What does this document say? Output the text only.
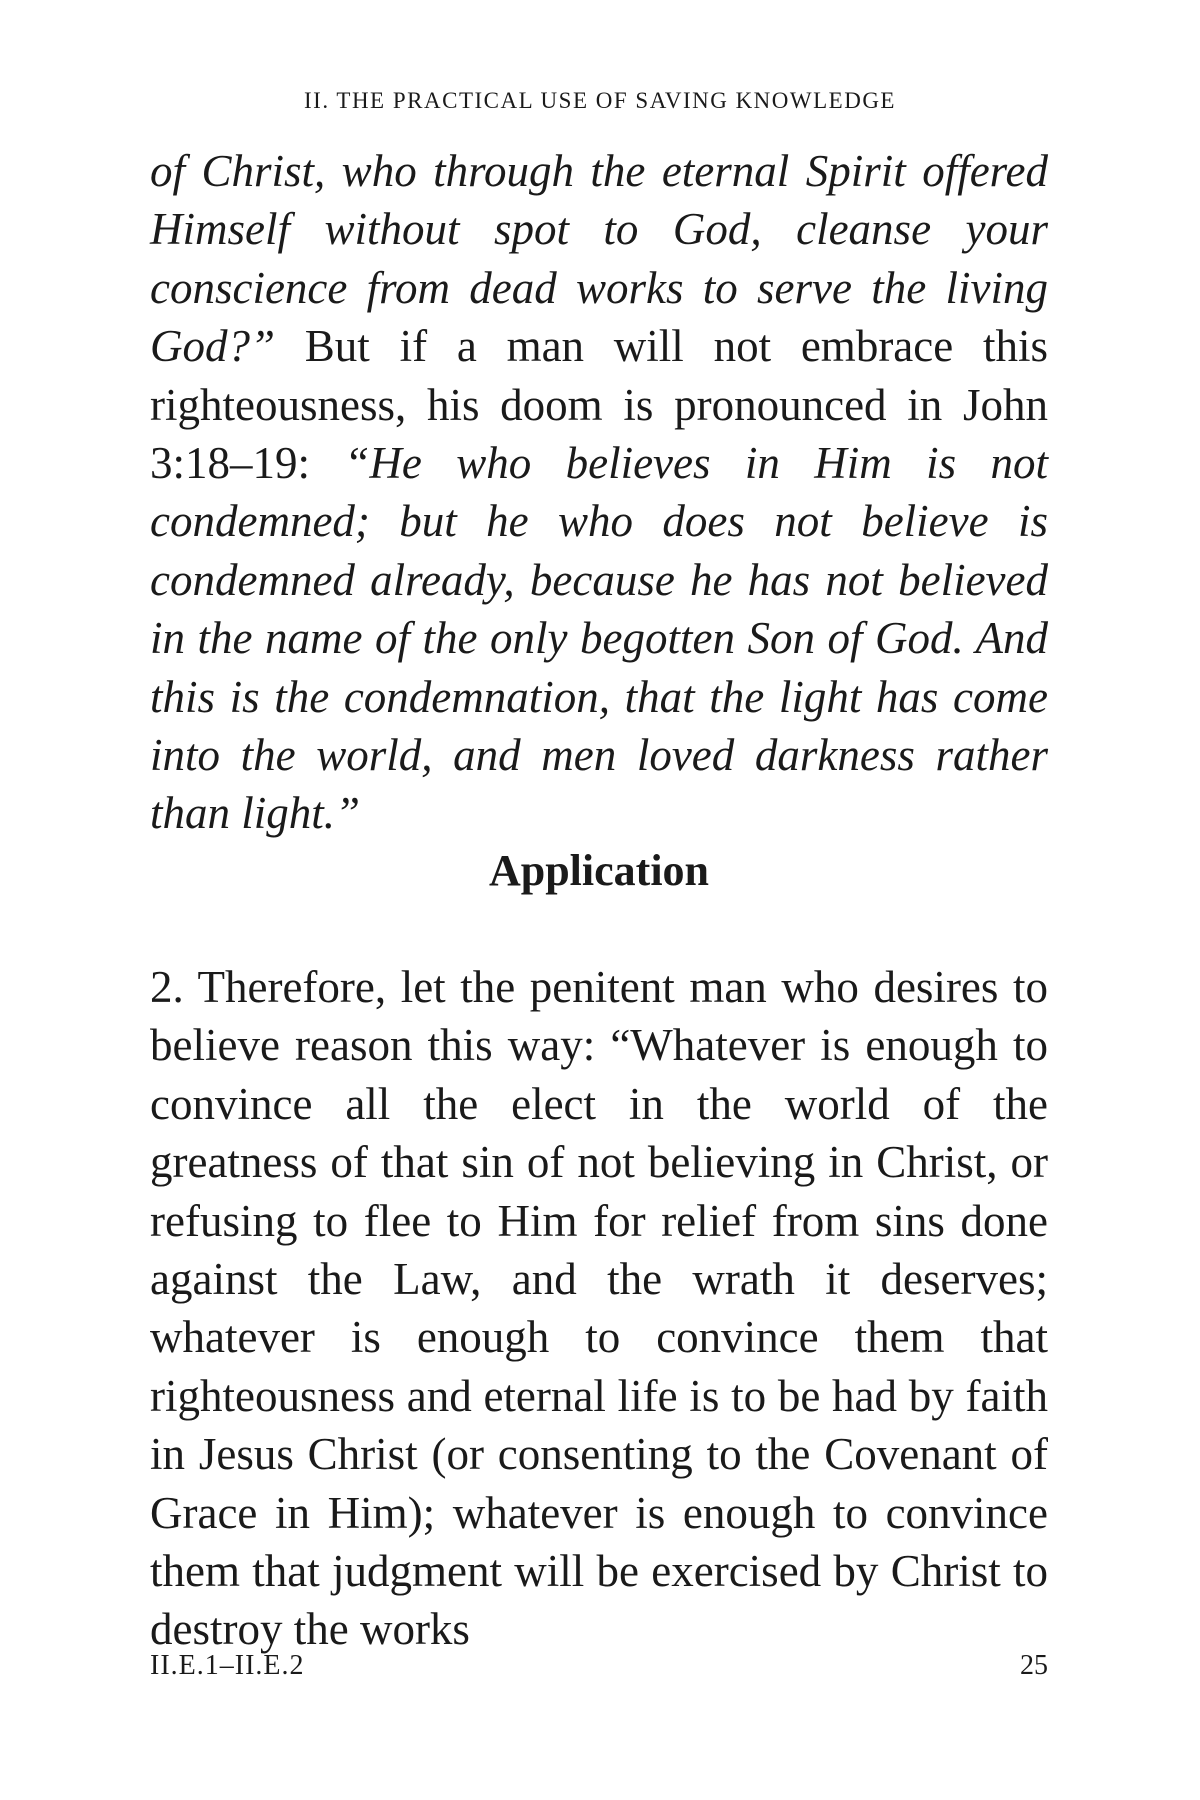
II. THE PRACTICAL USE OF SAVING KNOWLEDGE
of Christ, who through the eternal Spirit offered Himself without spot to God, cleanse your conscience from dead works to serve the living God?” But if a man will not embrace this righteousness, his doom is pronounced in John 3:18–19: “He who believes in Him is not condemned; but he who does not believe is condemned already, because he has not believed in the name of the only begotten Son of God. And this is the condemnation, that the light has come into the world, and men loved darkness rather than light.”
Application
2. Therefore, let the penitent man who desires to believe reason this way: “Whatever is enough to convince all the elect in the world of the greatness of that sin of not believing in Christ, or refusing to flee to Him for relief from sins done against the Law, and the wrath it deserves; whatever is enough to convince them that righteousness and eternal life is to be had by faith in Jesus Christ (or consenting to the Covenant of Grace in Him); whatever is enough to convince them that judgment will be exercised by Christ to destroy the works
II.E.1–II.E.2	25
